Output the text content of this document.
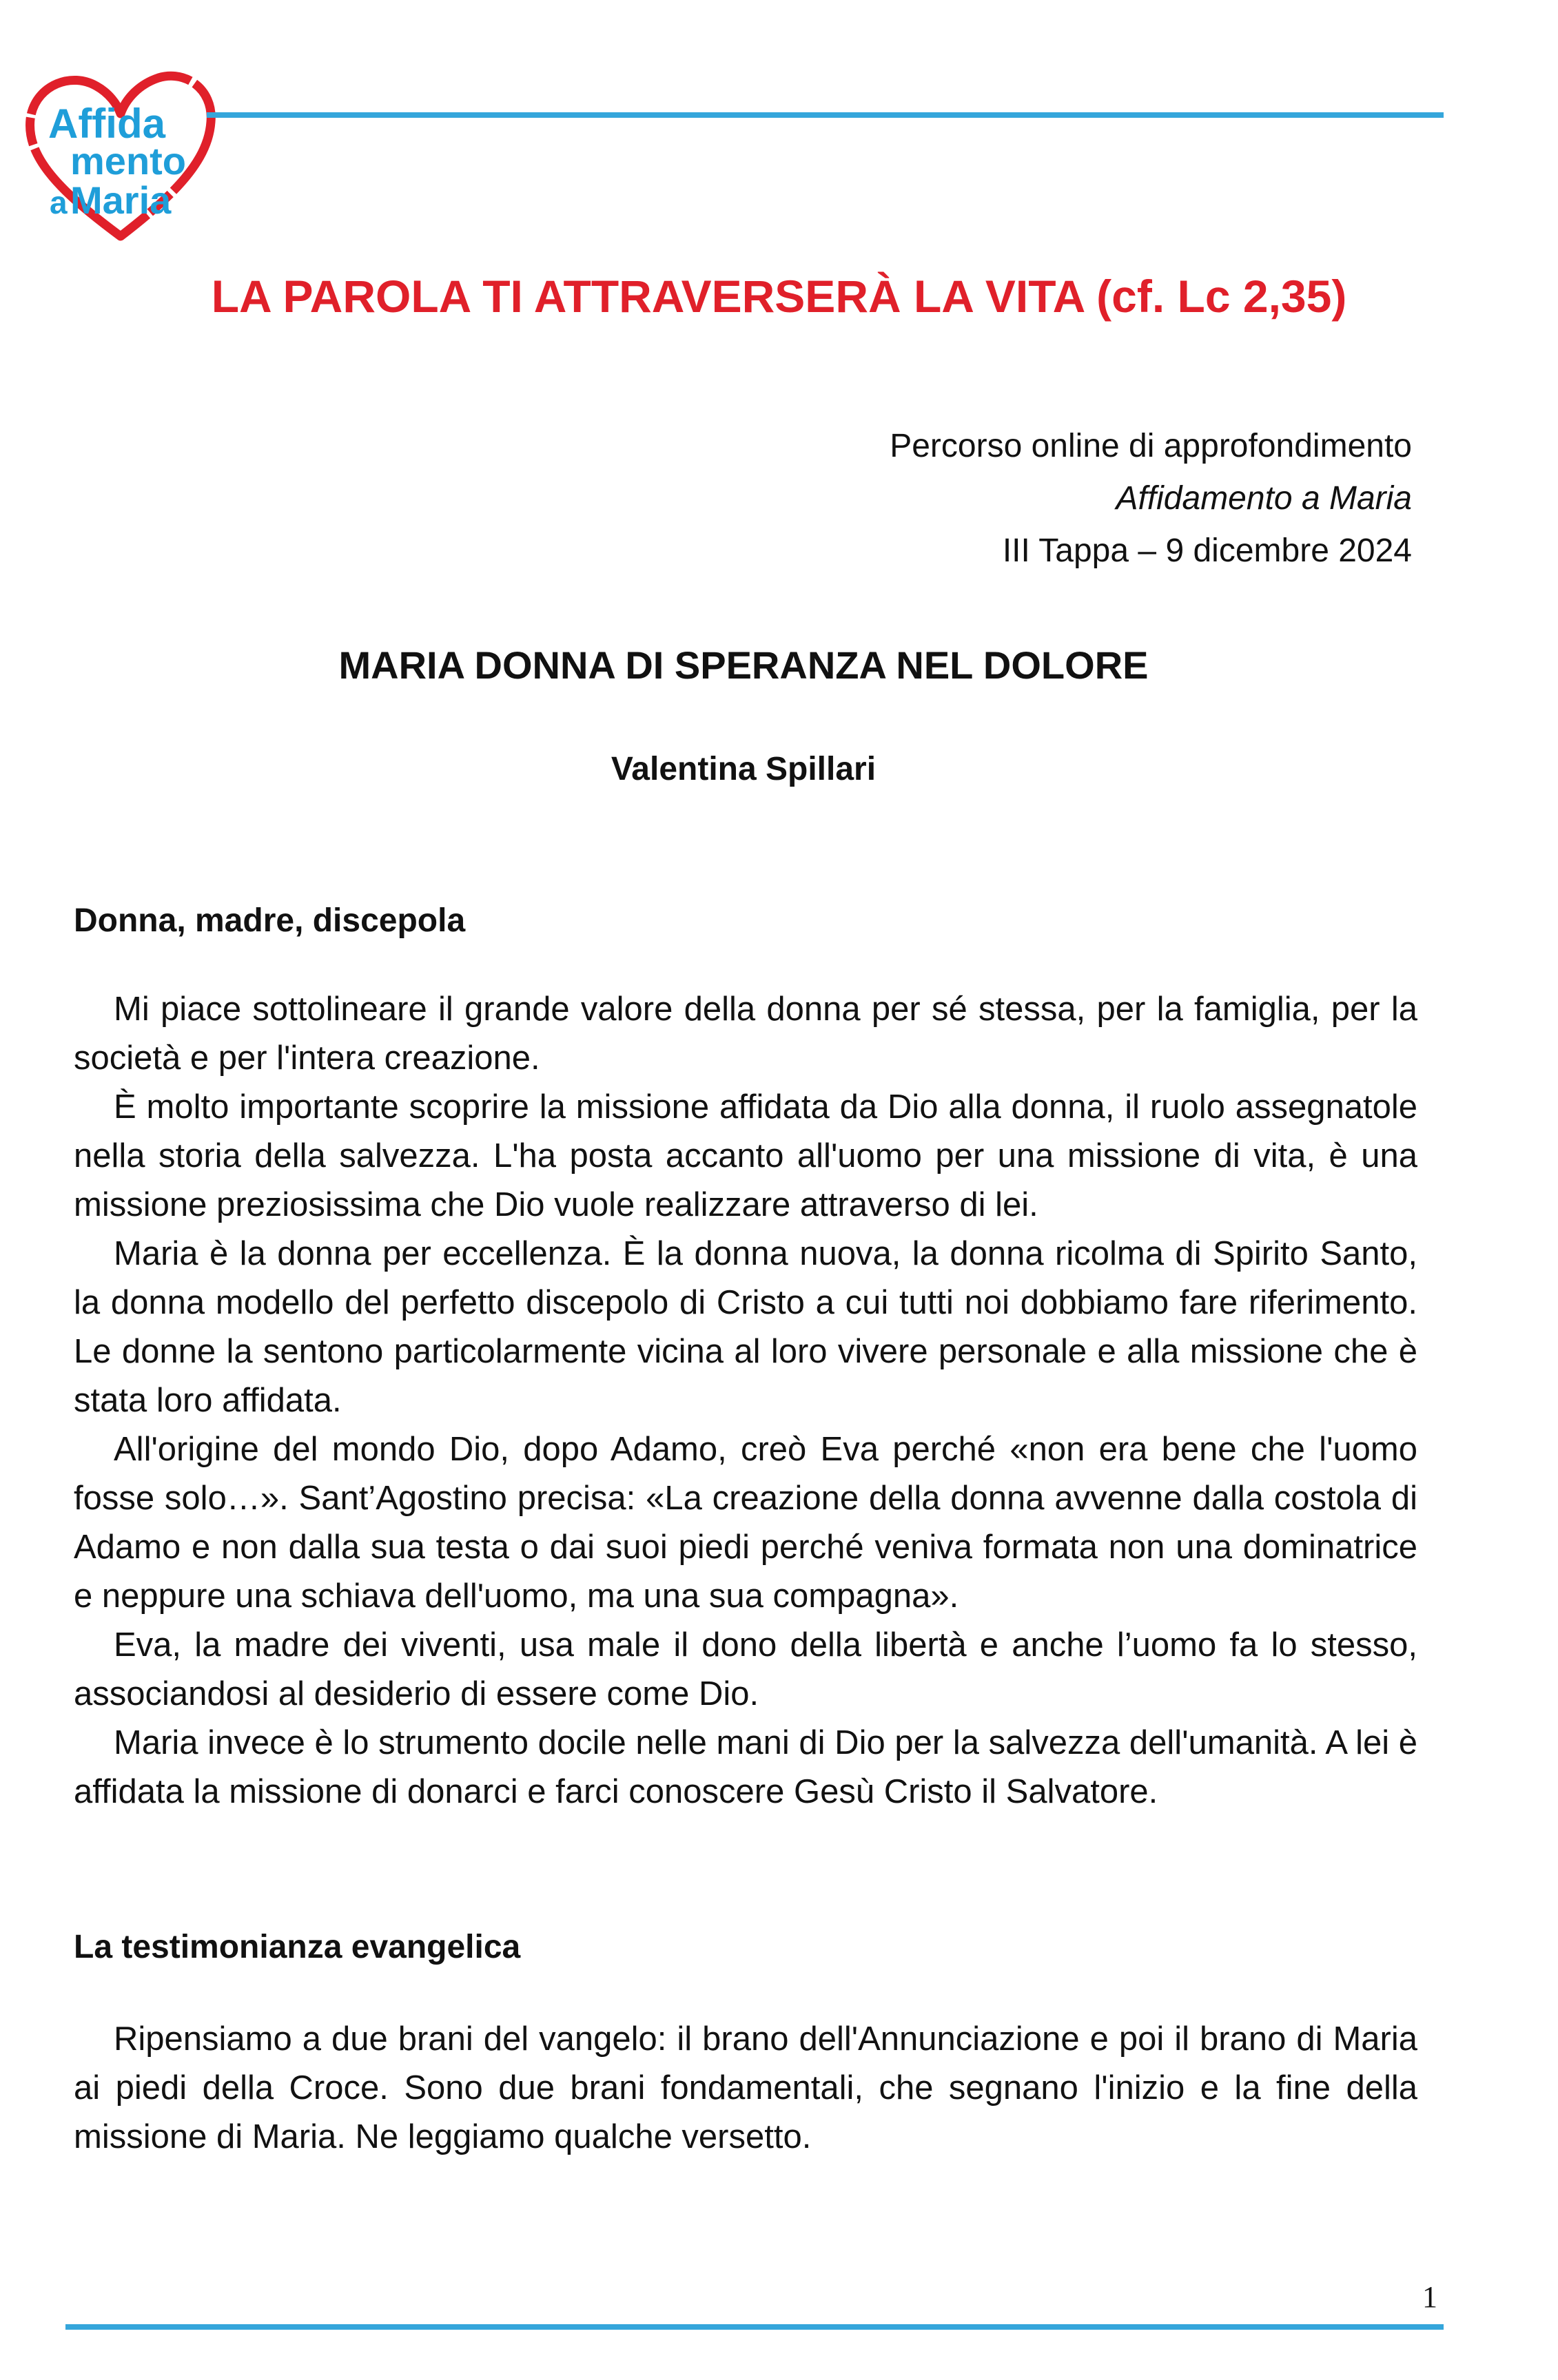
Affida
mento
a Maria
LA PAROLA TI ATTRAVERSERÀ LA VITA (cf. Lc 2,35)
Percorso online di approfondimento
Affidamento a Maria
III Tappa – 9 dicembre 2024
MARIA DONNA DI SPERANZA NEL DOLORE
Valentina Spillari
Donna, madre, discepola

Mi piace sottolineare il grande valore della donna per sé stessa, per la famiglia, per la società e per l'intera creazione.

È molto importante scoprire la missione affidata da Dio alla donna, il ruolo assegnatole nella storia della salvezza. L'ha posta accanto all'uomo per una missione di vita, è una missione preziosissima che Dio vuole realizzare attraverso di lei.

Maria è la donna per eccellenza. È la donna nuova, la donna ricolma di Spirito Santo, la donna modello del perfetto discepolo di Cristo a cui tutti noi dobbiamo fare riferimento. Le donne la sentono particolarmente vicina al loro vivere personale e alla missione che è stata loro affidata.

All'origine del mondo Dio, dopo Adamo, creò Eva perché «non era bene che l'uomo fosse solo…». Sant’Agostino precisa: «La creazione della donna avvenne dalla costola di Adamo e non dalla sua testa o dai suoi piedi perché veniva formata non una dominatrice e neppure una schiava dell'uomo, ma una sua compagna».

Eva, la madre dei viventi, usa male il dono della libertà e anche l’uomo fa lo stesso, associandosi al desiderio di essere come Dio.

Maria invece è lo strumento docile nelle mani di Dio per la salvezza dell'umanità. A lei è affidata la missione di donarci e farci conoscere Gesù Cristo il Salvatore.

La testimonianza evangelica

Ripensiamo a due brani del vangelo: il brano dell'Annunciazione e poi il brano di Maria ai piedi della Croce. Sono due brani fondamentali, che segnano l'inizio e la fine della missione di Maria. Ne leggiamo qualche versetto.

1
